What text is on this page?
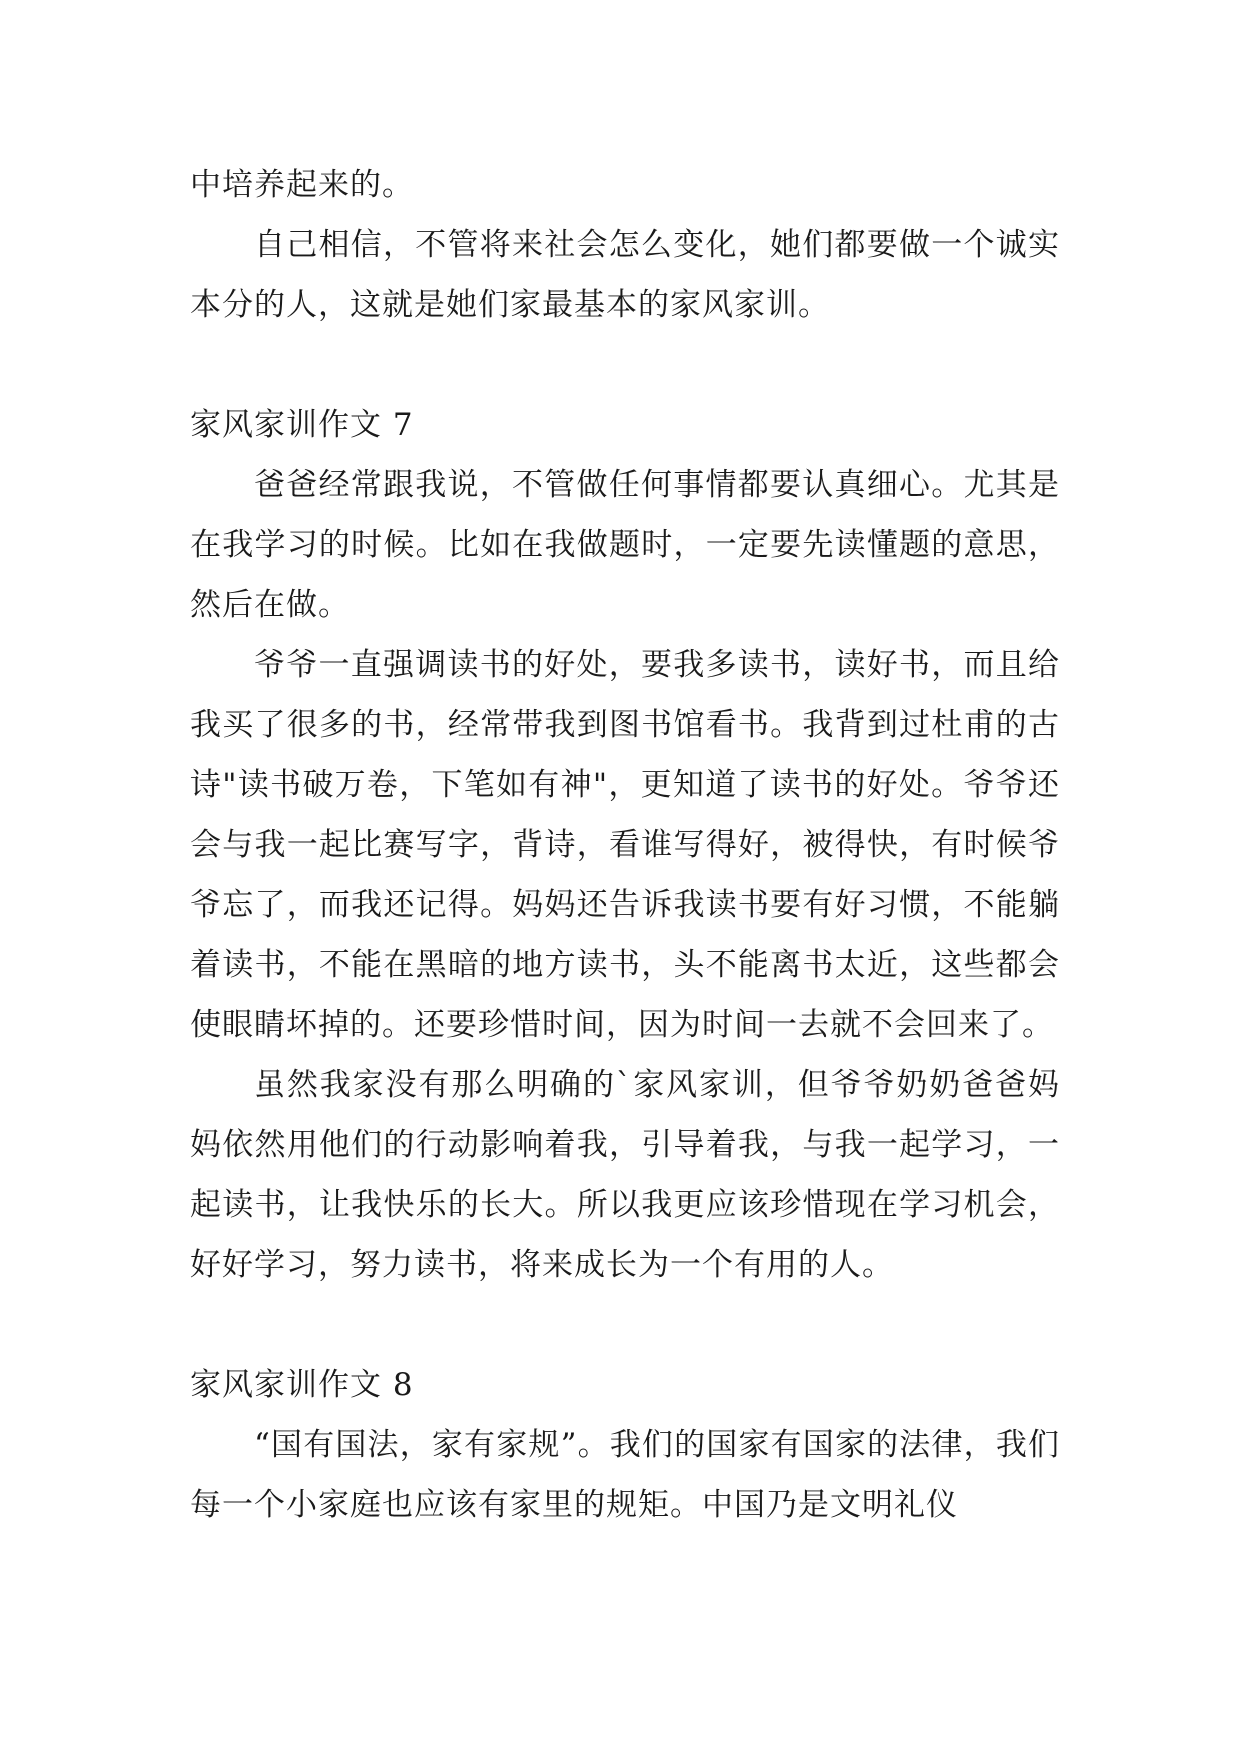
中培养起来的。

自己相信，不管将来社会怎么变化，她们都要做一个诚实本分的人，这就是她们家最基本的家风家训。

家风家训作文 7

爸爸经常跟我说，不管做任何事情都要认真细心。尤其是在我学习的时候。比如在我做题时，一定要先读懂题的意思，然后在做。

爷爷一直强调读书的好处，要我多读书，读好书，而且给我买了很多的书，经常带我到图书馆看书。我背到过杜甫的古诗"读书破万卷，下笔如有神"，更知道了读书的好处。爷爷还会与我一起比赛写字，背诗，看谁写得好，被得快，有时候爷爷忘了，而我还记得。妈妈还告诉我读书要有好习惯，不能躺着读书，不能在黑暗的地方读书，头不能离书太近，这些都会使眼睛坏掉的。还要珍惜时间，因为时间一去就不会回来了。

虽然我家没有那么明确的`家风家训，但爷爷奶奶爸爸妈妈依然用他们的行动影响着我，引导着我，与我一起学习，一起读书，让我快乐的长大。所以我更应该珍惜现在学习机会，好好学习，努力读书，将来成长为一个有用的人。

家风家训作文 8

“国有国法，家有家规”。我们的国家有国家的法律，我们每一个小家庭也应该有家里的规矩。中国乃是文明礼仪
